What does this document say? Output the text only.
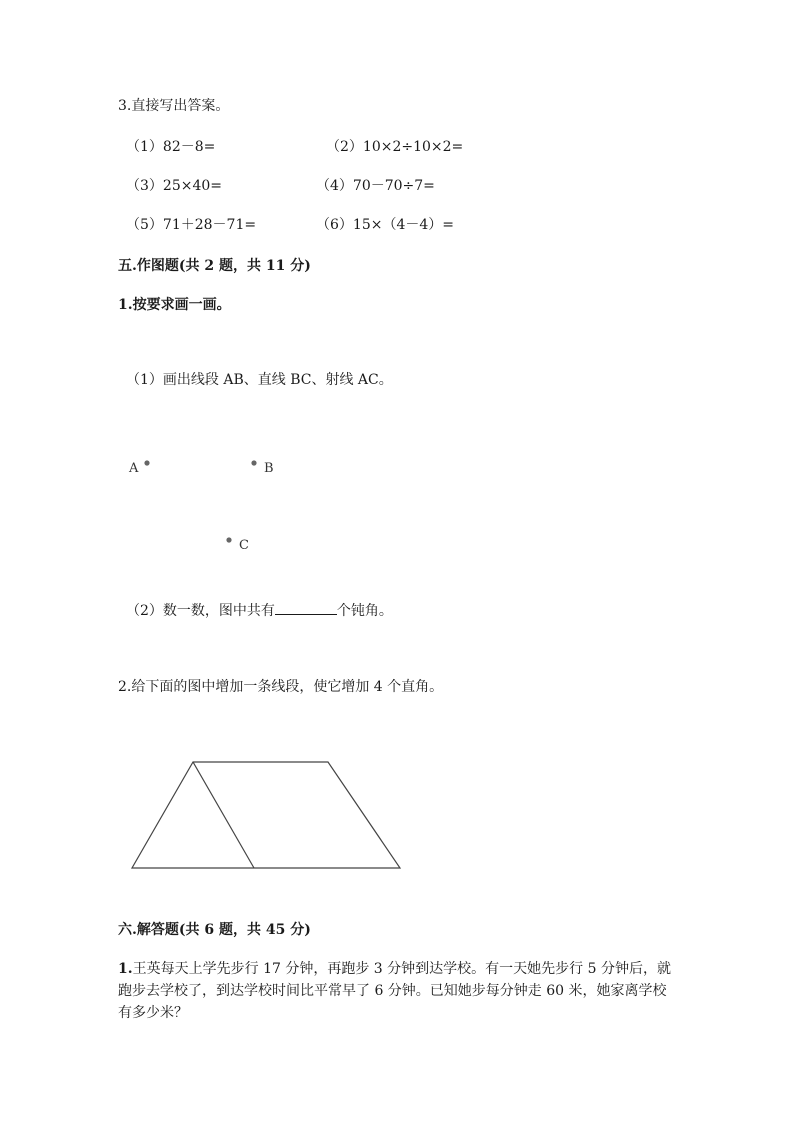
3.直接写出答案。
（1）82－8=	（2）10×2÷10×2=
（3）25×40=	（4）70－70÷7=
（5）71＋28－71=	（6）15×（4－4）=
五.作图题(共 2 题，共 11 分)
1.按要求画一画。
（1）画出线段 AB、直线 BC、射线 AC。
A	B
C
（2）数一数，图中共有	个钝角。
2.给下面的图中增加一条线段，使它增加 4 个直角。
六.解答题(共 6 题，共 45 分)
1.王英每天上学先步行 17 分钟，再跑步 3 分钟到达学校。有一天她先步行 5 分钟后，就跑步去学校了，到达学校时间比平常早了 6 分钟。已知她步每分钟走 60 米，她家离学校有多少米？
